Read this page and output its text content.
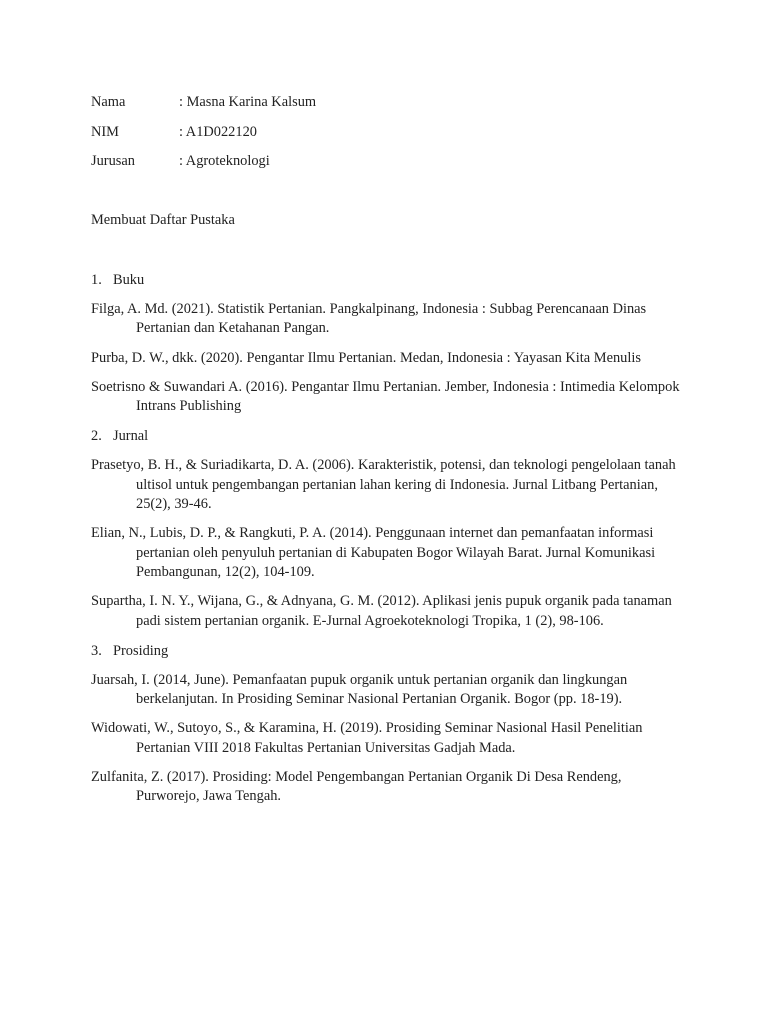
Nama	: Masna Karina Kalsum
NIM	: A1D022120
Jurusan	: Agroteknologi
Membuat Daftar Pustaka
1. Buku
Filga, A. Md. (2021). Statistik Pertanian. Pangkalpinang, Indonesia : Subbag Perencanaan Dinas Pertanian dan Ketahanan Pangan.
Purba, D. W., dkk. (2020). Pengantar Ilmu Pertanian. Medan, Indonesia : Yayasan Kita Menulis
Soetrisno & Suwandari A. (2016). Pengantar Ilmu Pertanian. Jember, Indonesia : Intimedia Kelompok Intrans Publishing
2. Jurnal
Prasetyo, B. H., & Suriadikarta, D. A. (2006). Karakteristik, potensi, dan teknologi pengelolaan tanah ultisol untuk pengembangan pertanian lahan kering di Indonesia. Jurnal Litbang Pertanian, 25(2), 39-46.
Elian, N., Lubis, D. P., & Rangkuti, P. A. (2014). Penggunaan internet dan pemanfaatan informasi pertanian oleh penyuluh pertanian di Kabupaten Bogor Wilayah Barat. Jurnal Komunikasi Pembangunan, 12(2), 104-109.
Supartha, I. N. Y., Wijana, G., & Adnyana, G. M. (2012). Aplikasi jenis pupuk organik pada tanaman padi sistem pertanian organik. E-Jurnal Agroekoteknologi Tropika, 1 (2), 98-106.
3. Prosiding
Juarsah, I. (2014, June). Pemanfaatan pupuk organik untuk pertanian organik dan lingkungan berkelanjutan. In Prosiding Seminar Nasional Pertanian Organik. Bogor (pp. 18-19).
Widowati, W., Sutoyo, S., & Karamina, H. (2019). Prosiding Seminar Nasional Hasil Penelitian Pertanian VIII 2018 Fakultas Pertanian Universitas Gadjah Mada.
Zulfanita, Z. (2017). Prosiding: Model Pengembangan Pertanian Organik Di Desa Rendeng, Purworejo, Jawa Tengah.
